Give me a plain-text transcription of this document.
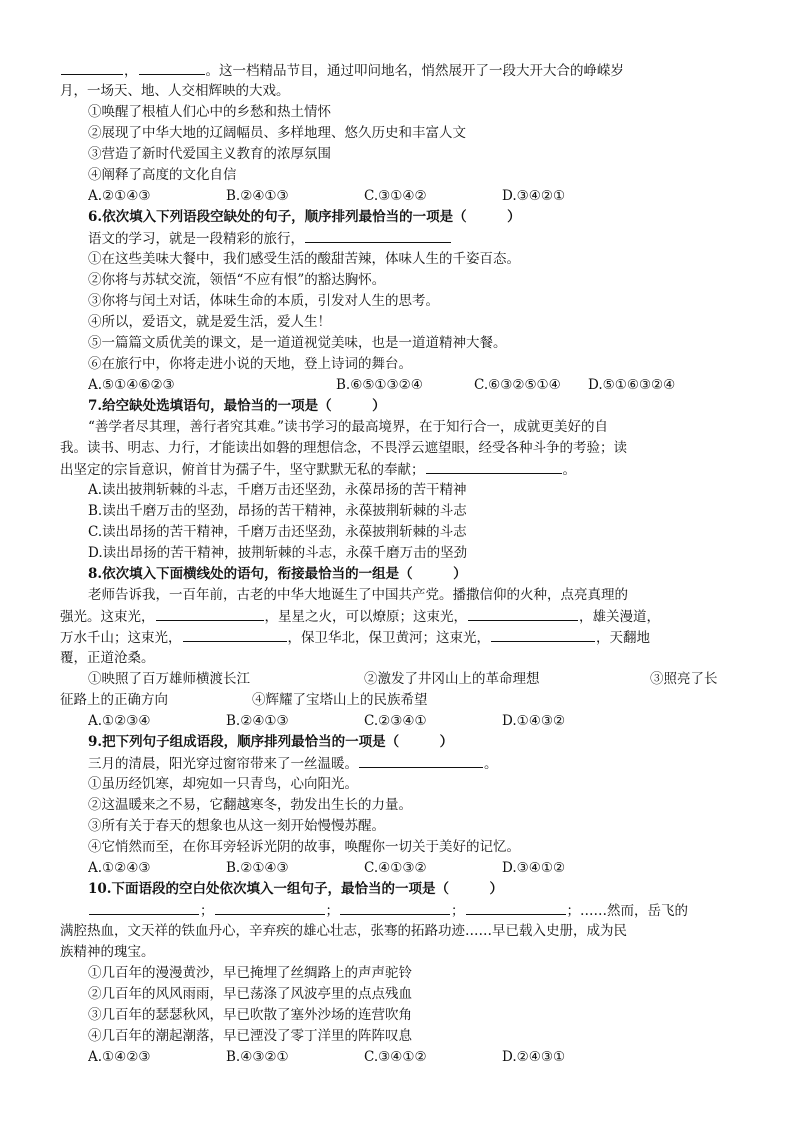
，	。这一档精品节目，通过叩问地名，悄然展开了一段大开大合的峥嵘岁
月，一场天、地、人交相辉映的大戏。
①唤醒了根植人们心中的乡愁和热土情怀
②展现了中华大地的辽阔幅员、多样地理、悠久历史和丰富人文
③营造了新时代爱国主义教育的浓厚氛围
④阐释了高度的文化自信
A.②①④③	B.②④①③	C.③①④②	D.③④②①
6.依次填入下列语段空缺处的句子，顺序排列最恰当的一项是（　　　）
语文的学习，就是一段精彩的旅行，
①在这些美味大餐中，我们感受生活的酸甜苦辣，体味人生的千姿百态。
②你将与苏轼交流，领悟“不应有恨”的豁达胸怀。
③你将与闰土对话，体味生命的本质，引发对人生的思考。
④所以，爱语文，就是爱生活，爱人生！
⑤一篇篇文质优美的课文，是一道道视觉美味，也是一道道精神大餐。
⑥在旅行中，你将走进小说的天地，登上诗词的舞台。
A.⑤①④⑥②③	B.⑥⑤①③②④	C.⑥③②⑤①④ D.⑤①⑥③②④
7.给空缺处选填语句，最恰当的一项是（　　　）
“善学者尽其理，善行者究其难。”读书学习的最高境界，在于知行合一，成就更美好的自
我。读书、明志、力行，才能读出如磐的理想信念，不畏浮云遮望眼，经受各种斗争的考验；读
出坚定的宗旨意识，俯首甘为孺子牛，坚守默默无私的奉献；	。
A.读出披荆斩棘的斗志，千磨万击还坚劲，永葆昂扬的苦干精神
B.读出千磨万击的坚劲，昂扬的苦干精神，永葆披荆斩棘的斗志
C.读出昂扬的苦干精神，千磨万击还坚劲，永葆披荆斩棘的斗志
D.读出昂扬的苦干精神，披荆斩棘的斗志，永葆千磨万击的坚劲
8.依次填入下面横线处的语句，衔接最恰当的一组是（　　　）
老师告诉我，一百年前，古老的中华大地诞生了中国共产党。播撒信仰的火种，点亮真理的
强光。这束光，	，星星之火，可以燎原；这束光，	，雄关漫道，
万水千山；这束光，	，保卫华北，保卫黄河；这束光，	，天翻地
覆，正道沧桑。
①映照了百万雄师横渡长江	②激发了井冈山上的革命理想	③照亮了长
征路上的正确方向	④辉耀了宝塔山上的民族希望
A.①②③④	B.②④①③	C.②③④①	D.①④③②
9.把下列句子组成语段，顺序排列最恰当的一项是（　　　）
三月的清晨，阳光穿过窗帘带来了一丝温暖。	。
①虽历经饥寒，却宛如一只青鸟，心向阳光。
②这温暖来之不易，它翻越寒冬，勃发出生长的力量。
③所有关于春天的想象也从这一刻开始慢慢苏醒。
④它悄然而至，在你耳旁轻诉光阴的故事，唤醒你一切关于美好的记忆。
A.①②④③	B.②①④③	C.④①③②	D.③④①②
10.下面语段的空白处依次填入一组句子，最恰当的一项是（　　　）
；	；	；	；……然而，岳飞的
满腔热血，文天祥的铁血丹心，辛弃疾的雄心壮志，张骞的拓路功迹……早已载入史册，成为民
族精神的瑰宝。
①几百年的漫漫黄沙，早已掩埋了丝绸路上的声声驼铃
②几百年的风风雨雨，早已荡涤了风波亭里的点点残血
③几百年的瑟瑟秋风，早已吹散了塞外沙场的连营吹角
④几百年的潮起潮落，早已湮没了零丁洋里的阵阵叹息
A.①④②③	B.④③②①	C.③④①②	D.②④③①
